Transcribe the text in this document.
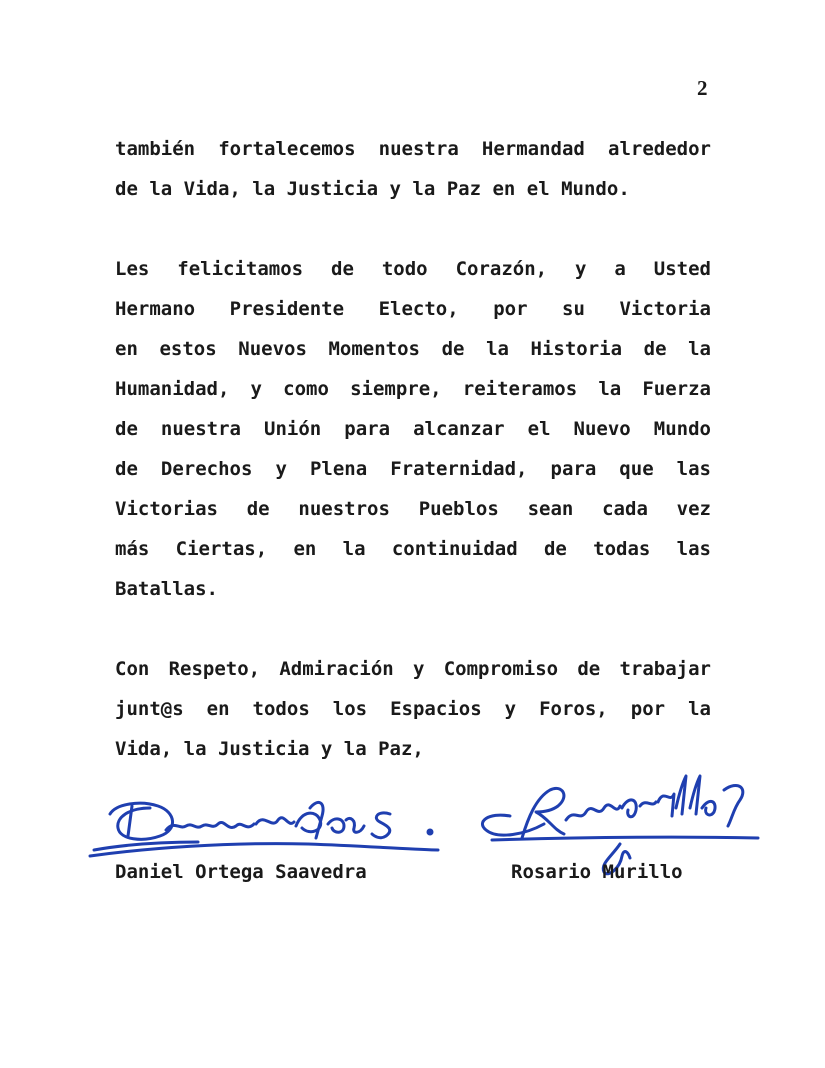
2
también fortalecemos nuestra Hermandad alrededor
de la Vida, la Justicia y la Paz en el Mundo.
Les felicitamos de todo Corazón, y a Usted
Hermano Presidente Electo, por su Victoria
en estos Nuevos Momentos de la Historia de la
Humanidad, y como siempre, reiteramos la Fuerza
de nuestra Unión para alcanzar el Nuevo Mundo
de Derechos y Plena Fraternidad, para que las
Victorias de nuestros Pueblos sean cada vez
más Ciertas, en la continuidad de todas las
Batallas.
Con Respeto, Admiración y Compromiso de trabajar
junt@s en todos los Espacios y Foros, por la
Vida, la Justicia y la Paz,
Daniel Ortega Saavedra	Rosario Murillo
